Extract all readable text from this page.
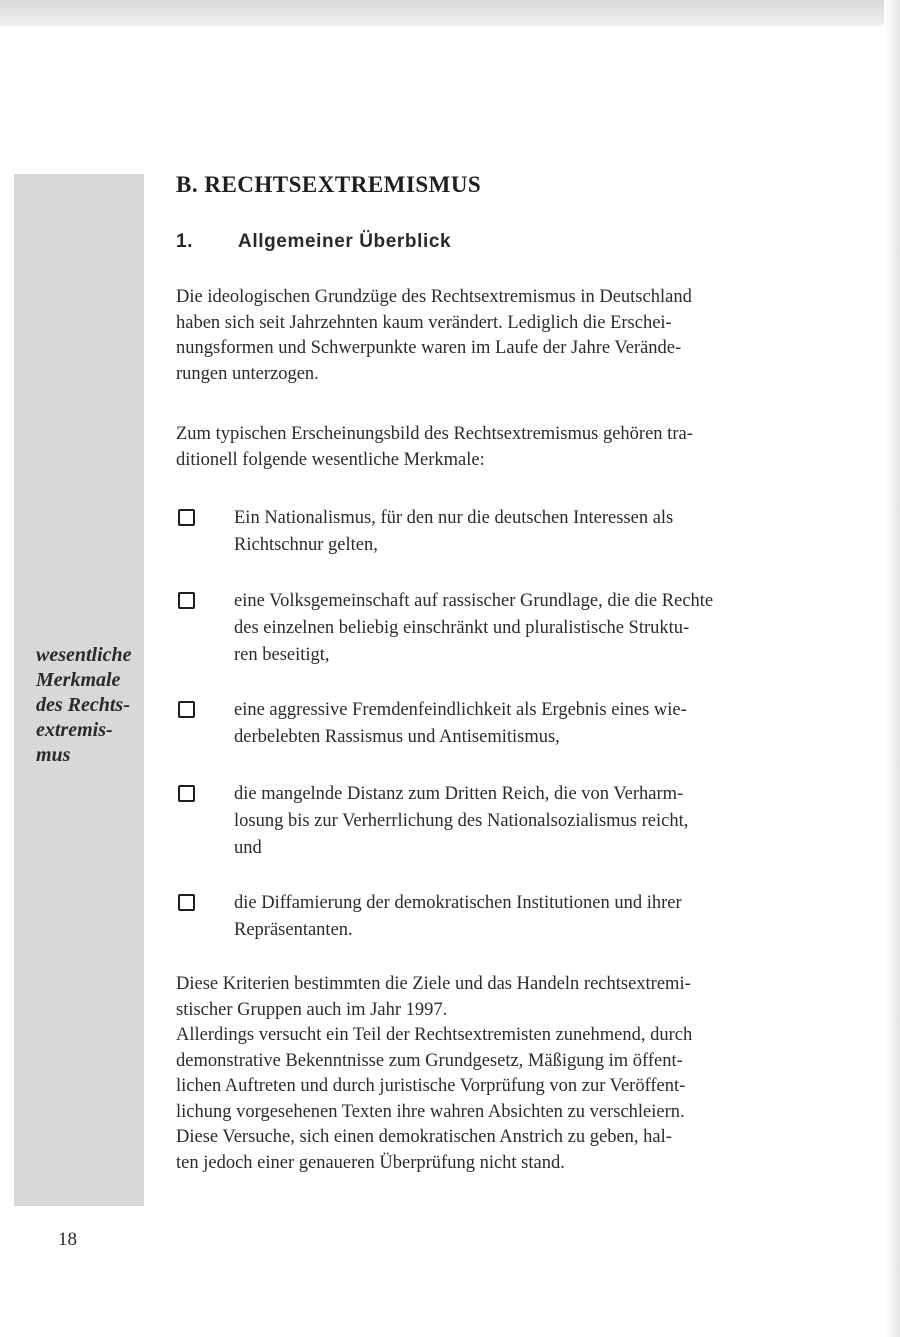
wesentliche
Merkmale
des Rechts-
extremis-
mus
B. RECHTSEXTREMISMUS
1. Allgemeiner Überblick
Die ideologischen Grundzüge des Rechtsextremismus in Deutschland
haben sich seit Jahrzehnten kaum verändert. Lediglich die Erschei-
nungsformen und Schwerpunkte waren im Laufe der Jahre Verände-
rungen unterzogen.
Zum typischen Erscheinungsbild des Rechtsextremismus gehören tra-
ditionell folgende wesentliche Merkmale:
Ein Nationalismus, für den nur die deutschen Interessen als
Richtschnur gelten,
eine Volksgemeinschaft auf rassischer Grundlage, die die Rechte
des einzelnen beliebig einschränkt und pluralistische Struktu-
ren beseitigt,
eine aggressive Fremdenfeindlichkeit als Ergebnis eines wie-
derbelebten Rassismus und Antisemitismus,
die mangelnde Distanz zum Dritten Reich, die von Verharm-
losung bis zur Verherrlichung des Nationalsozialismus reicht,
und
die Diffamierung der demokratischen Institutionen und ihrer
Repräsentanten.
Diese Kriterien bestimmten die Ziele und das Handeln rechtsextremi-
stischer Gruppen auch im Jahr 1997.
Allerdings versucht ein Teil der Rechtsextremisten zunehmend, durch
demonstrative Bekenntnisse zum Grundgesetz, Mäßigung im öffent-
lichen Auftreten und durch juristische Vorprüfung von zur Veröffent-
lichung vorgesehenen Texten ihre wahren Absichten zu verschleiern.
Diese Versuche, sich einen demokratischen Anstrich zu geben, hal-
ten jedoch einer genaueren Überprüfung nicht stand.
18
